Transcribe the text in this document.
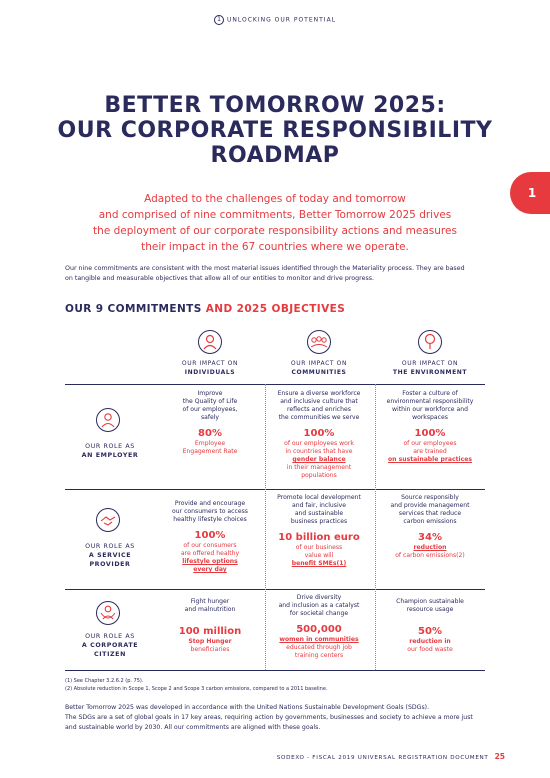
1 UNLOCKING OUR POTENTIAL
BETTER TOMORROW 2025:
OUR CORPORATE RESPONSIBILITY
ROADMAP
1
Adapted to the challenges of today and tomorrow
and comprised of nine commitments, Better Tomorrow 2025 drives
the deployment of our corporate responsibility actions and measures
their impact in the 67 countries where we operate.
Our nine commitments are consistent with the most material issues identified through the Materiality process. They are based
on tangible and measurable objectives that allow all of our entities to monitor and drive progress.
OUR 9 COMMITMENTS AND 2025 OBJECTIVES
OUR IMPACT ON
INDIVIDUALS
OUR IMPACT ON
COMMUNITIES
OUR IMPACT ON
THE ENVIRONMENT
OUR ROLE AS
AN EMPLOYER
Improve
the Quality of Life
of our employees,
safely
80%
Employee
Engagement Rate
Ensure a diverse workforce
and inclusive culture that
reflects and enriches
the communities we serve
100%
of our employees work
in countries that have
gender balance
in their management
populations
Foster a culture of
environmental responsibility
within our workforce and
workspaces
100%
of our employees
are trained
on sustainable practices
OUR ROLE AS
A SERVICE
PROVIDER
Provide and encourage
our consumers to access
healthy lifestyle choices
100%
of our consumers
are offered healthy
lifestyle options
every day
Promote local development
and fair, inclusive
and sustainable
business practices
10 billion euro
of our business
value will
benefit SMEs(1)
Source responsibly
and provide management
services that reduce
carbon emissions
34%
reduction
of carbon emissions(2)
OUR ROLE AS
A CORPORATE
CITIZEN
Fight hunger
and malnutrition
100 million
Stop Hunger
beneficiaries
Drive diversity
and inclusion as a catalyst
for societal change
500,000
women in communities
educated through job
training centers
Champion sustainable
resource usage
50%
reduction in
our food waste
(1) See Chapter 3.2.6.2 (p. 75).
(2) Absolute reduction in Scope 1, Scope 2 and Scope 3 carbon emissions, compared to a 2011 baseline.
Better Tomorrow 2025 was developed in accordance with the United Nations Sustainable Development Goals (SDGs).
The SDGs are a set of global goals in 17 key areas, requiring action by governments, businesses and society to achieve a more just
and sustainable world by 2030. All our commitments are aligned with these goals.
SODEXO - FISCAL 2019 UNIVERSAL REGISTRATION DOCUMENT 25
